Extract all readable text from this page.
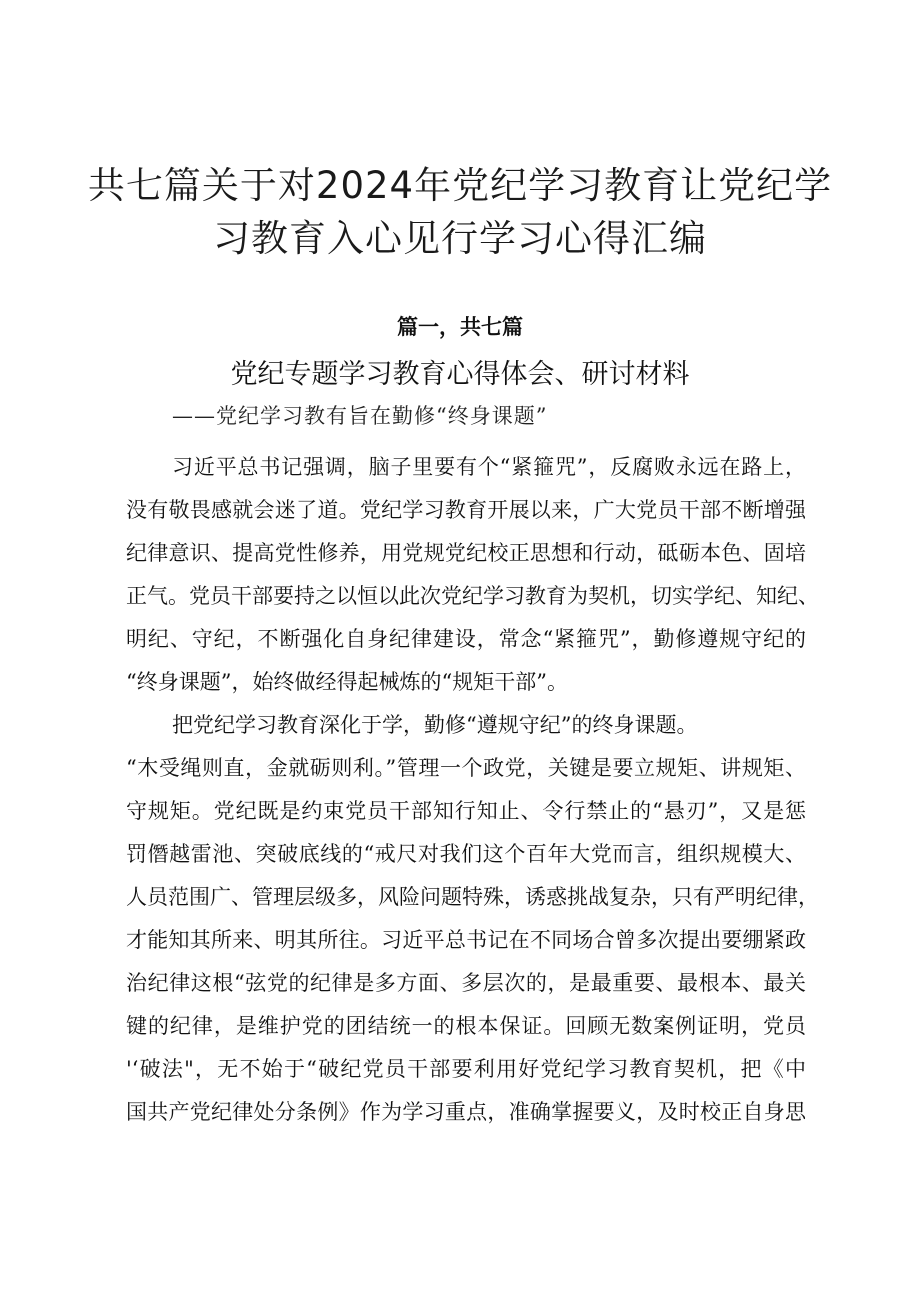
共七篇关于对2024年党纪学习教育让党纪学
习教育入心见行学习心得汇编
篇一，共七篇
党纪专题学习教育心得体会、研讨材料
——党纪学习教有旨在勤修“终身课题”
习近平总书记强调，脑子里要有个“紧箍咒”，反腐败永远在路上，
没有敬畏感就会迷了道。党纪学习教育开展以来，广大党员干部不断增强
纪律意识、提高党性修养，用党规党纪校正思想和行动，砥砺本色、固培
正气。党员干部要持之以恒以此次党纪学习教育为契机，切实学纪、知纪、
明纪、守纪，不断强化自身纪律建设，常念“紧箍咒”，勤修遵规守纪的
“终身课题”，始终做经得起械炼的“规矩干部”。
把党纪学习教育深化于学，勤修“遵规守纪”的终身课题。
“木受绳则直，金就砺则利。”管理一个政党，关键是要立规矩、讲规矩、
守规矩。党纪既是约束党员干部知行知止、令行禁止的“悬刃”，又是惩
罚僭越雷池、突破底线的“戒尺对我们这个百年大党而言，组织规模大、
人员范围广、管理层级多，风险问题特殊，诱惑挑战复杂，只有严明纪律，
才能知其所来、明其所往。习近平总书记在不同场合曾多次提出要绷紧政
治纪律这根“弦党的纪律是多方面、多层次的，是最重要、最根本、最关
键的纪律，是维护党的团结统一的根本保证。回顾无数案例证明，党员
'‘破法"，无不始于“破纪党员干部要利用好党纪学习教育契机，把《中
国共产党纪律处分条例》作为学习重点，准确掌握要义，及时校正自身思
